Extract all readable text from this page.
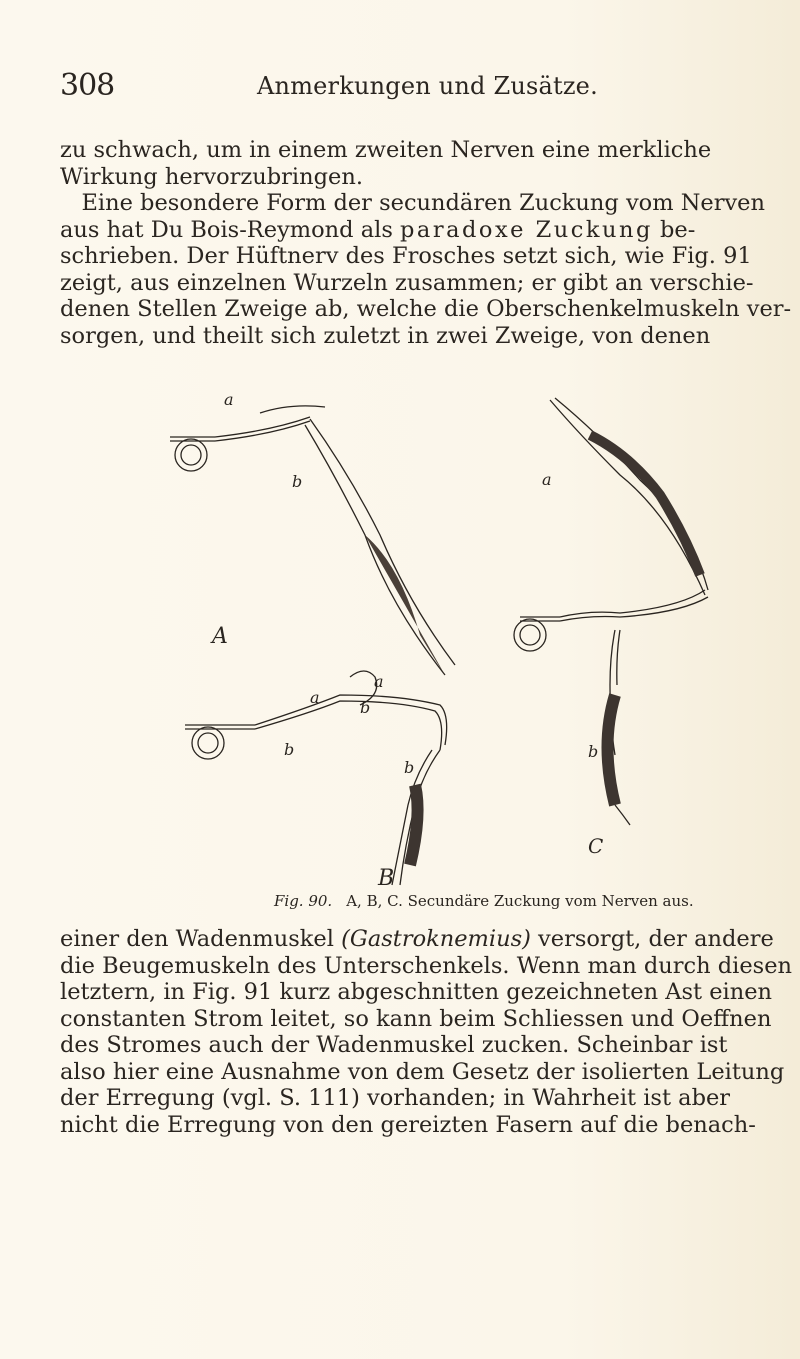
308	Anmerkungen und Zusätze.

zu schwach, um in einem zweiten Nerven eine merkliche

Wirkung hervorzubringen.

Eine besondere Form der secundären Zuckung vom Nerven

aus hat Du Bois-Reymond als paradoxe Zuckung be-

schrieben. Der Hüftnerv des Frosches setzt sich, wie Fig. 91

zeigt, aus einzelnen Wurzeln zusammen; er gibt an verschie-

denen Stellen Zweige ab, welche die Oberschenkelmuskeln ver-

sorgen, und theilt sich zuletzt in zwei Zweige, von denen

a
b
A
a
a
a
b
b
b
b
C
B
Fig. 90. A, B, C. Secundäre Zuckung vom Nerven aus.

einer den Wadenmuskel (Gastroknemius) versorgt, der andere

die Beugemuskeln des Unterschenkels. Wenn man durch diesen

letztern, in Fig. 91 kurz abgeschnitten gezeichneten Ast einen

constanten Strom leitet, so kann beim Schliessen und Oeffnen

des Stromes auch der Wadenmuskel zucken. Scheinbar ist

also hier eine Ausnahme von dem Gesetz der isolierten Leitung

der Erregung (vgl. S. 111) vorhanden; in Wahrheit ist aber

nicht die Erregung von den gereizten Fasern auf die benach-
